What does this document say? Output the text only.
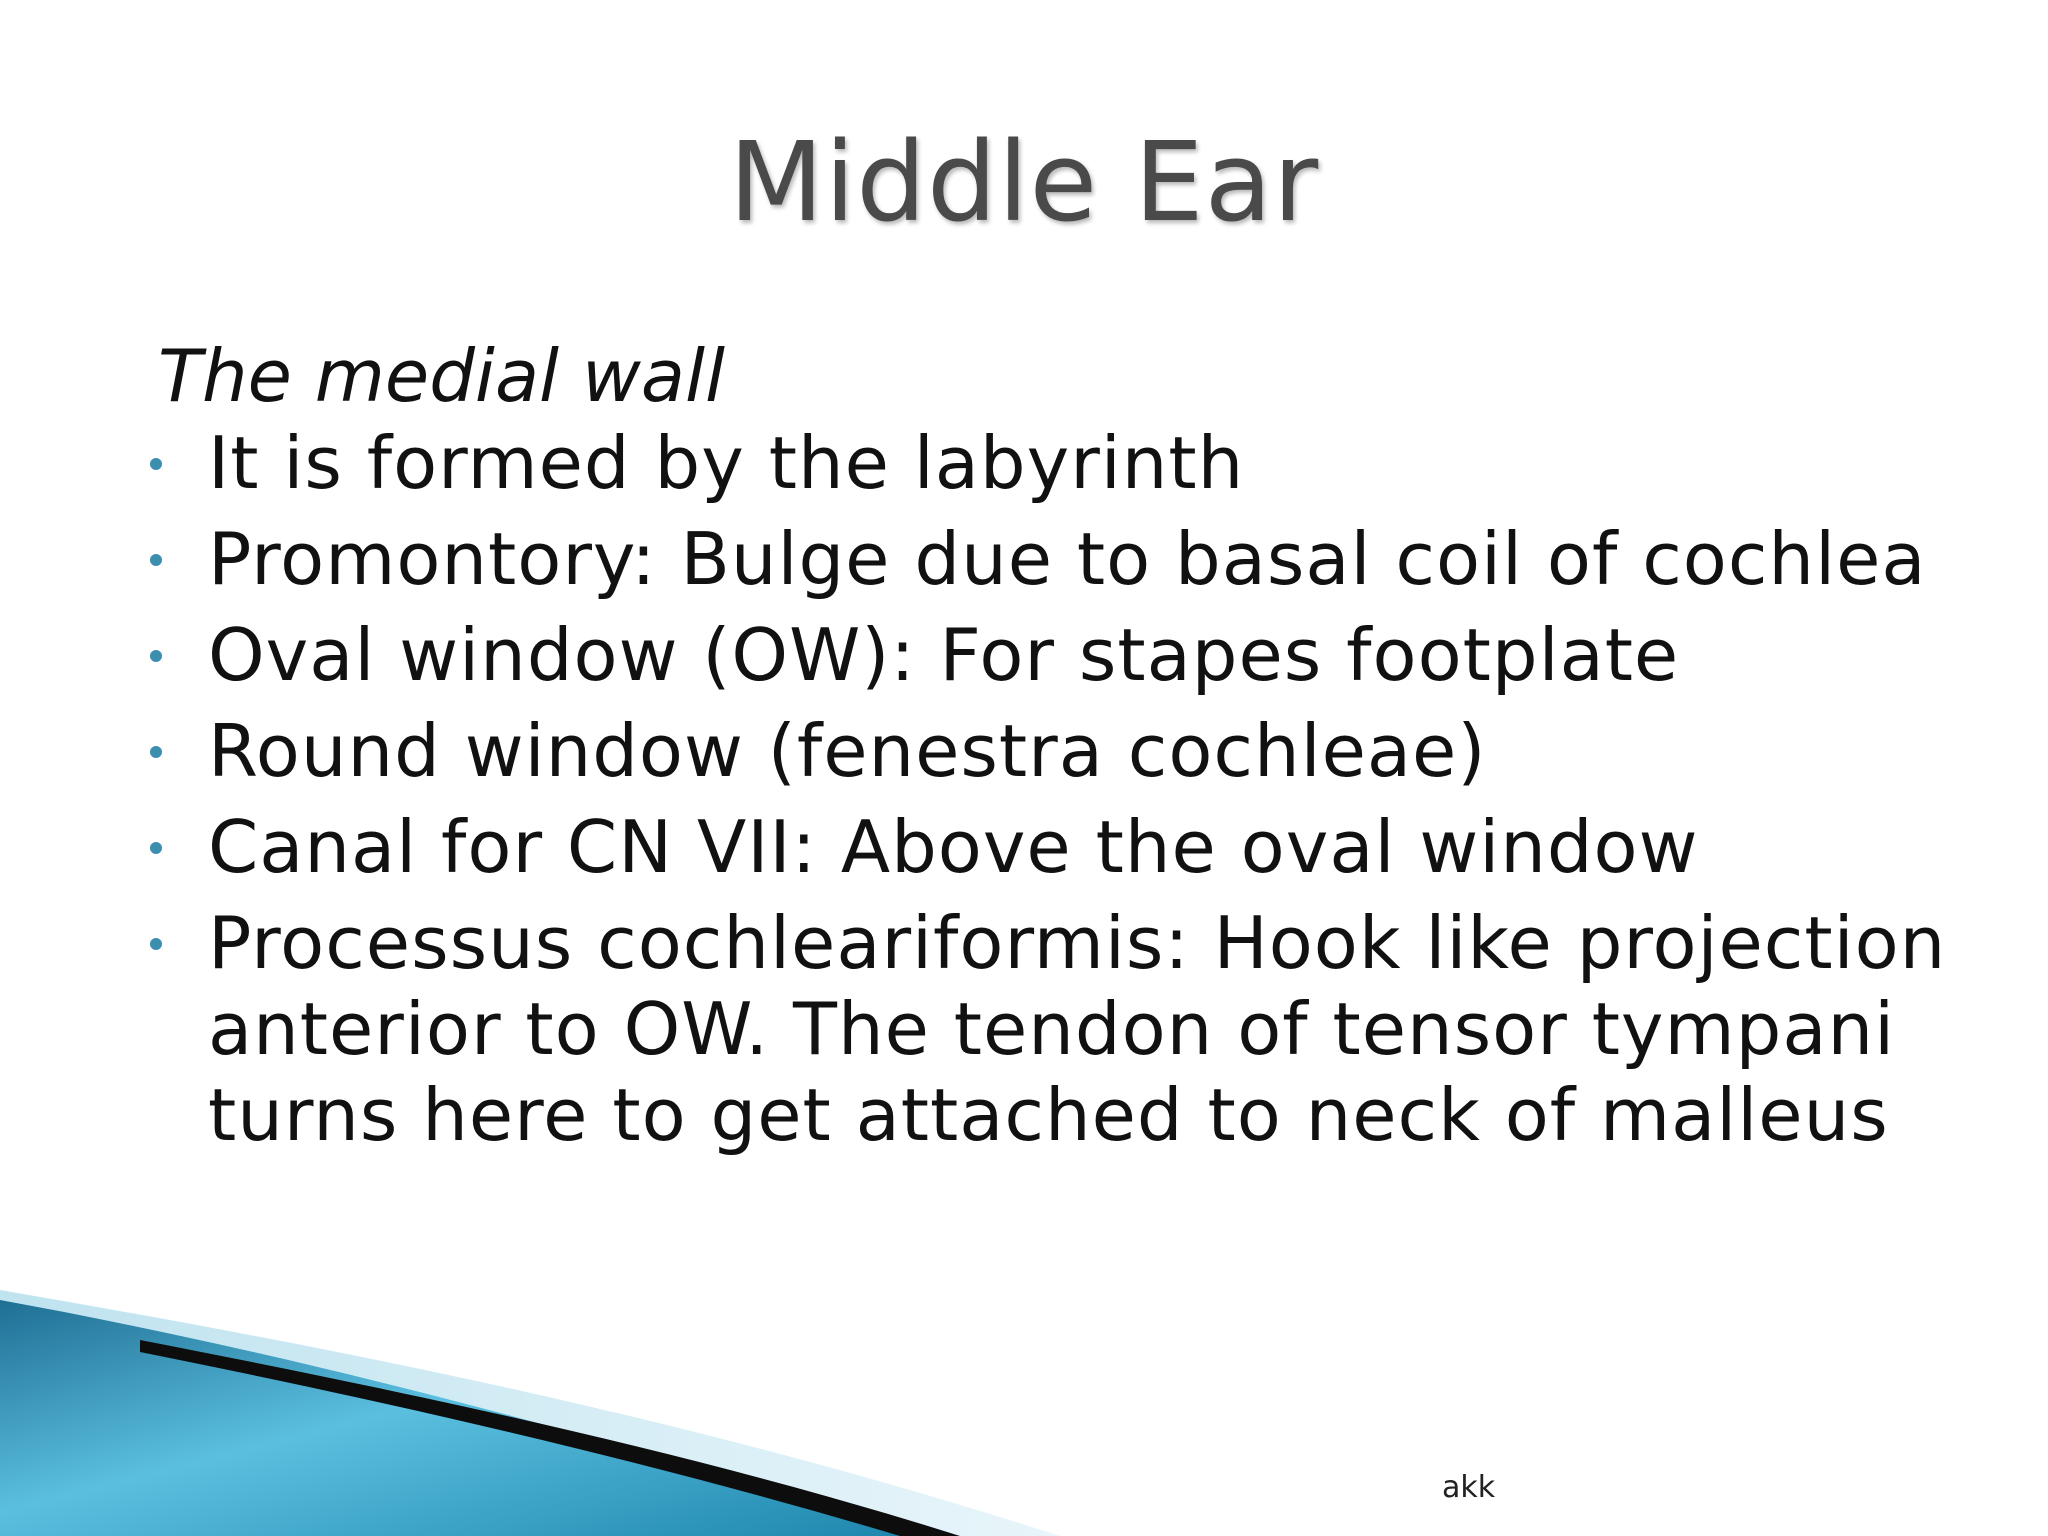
Middle Ear

The medial wall

It is formed by the labyrinth
Promontory: Bulge due to basal coil of cochlea
Oval window (OW): For stapes footplate
Round window (fenestra cochleae)
Canal for CN VII: Above the oval window
Processus cochleariformis: Hook like projection anterior to OW. The tendon of tensor tympani turns here to get attached to neck of malleus
akk
